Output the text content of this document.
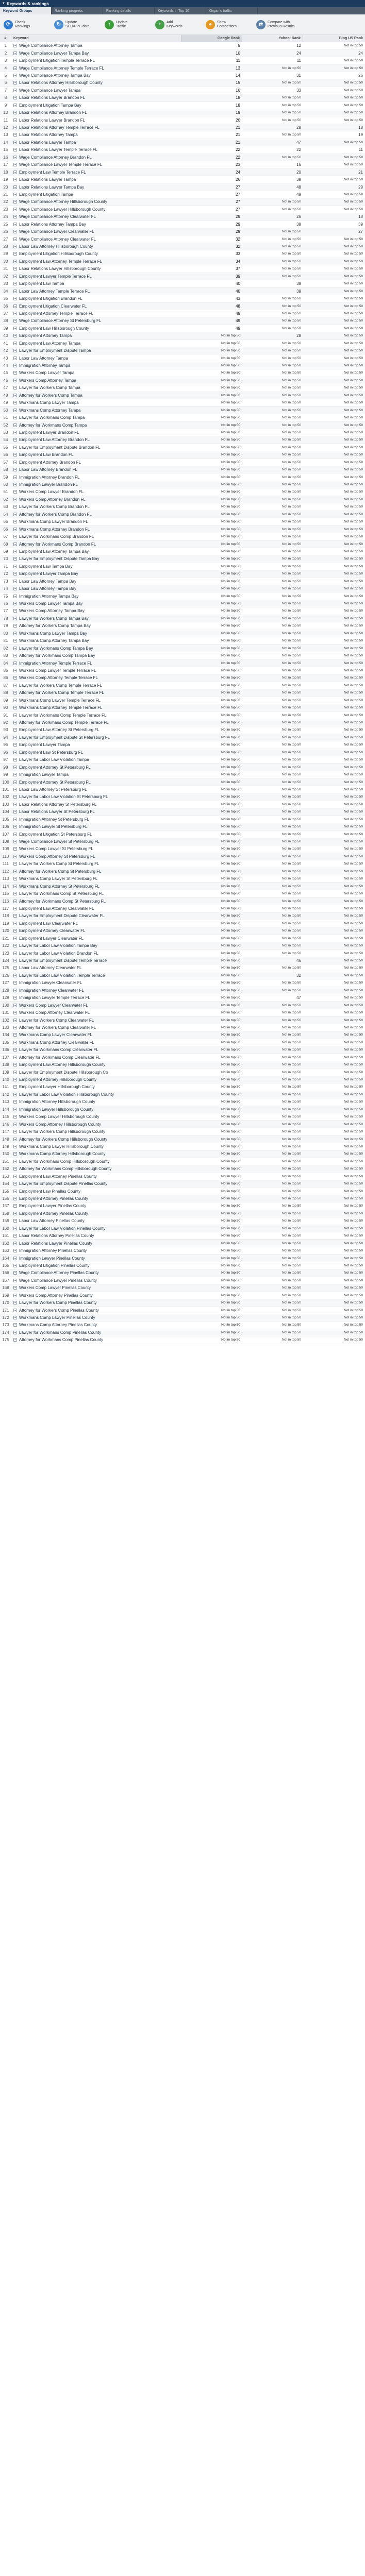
▼ Keywords & rankings
Keyword Groups	Ranking progress	Ranking details	Keywords in Top 10	Organic traffic
⟳	Check
Rankings	↻	Update
SEO/PPC data	↑	Update
Traffic	+	Add
Keywords	●	Show
Competitors	⇄	Compare with
Previous Results
#	Keyword	Google Rank	Yahoo! Rank	Bing US Rank
1	Wage Compliance Attorney Tampa	5	12	Not in top 50
2	Wage Compliance Lawyer Tampa Bay	10	24	24
3	Employment Litigation Temple Terrace FL	11	11	Not in top 50
4	Wage Compliance Attorney Temple Terrace FL	13	Not in top 50	Not in top 50
5	Wage Compliance Attorney Tampa Bay	14	31	26
6	Labor Relations Attorney Hillsborough County	15	Not in top 50	Not in top 50
7	Wage Compliance Lawyer Tampa	16	33	Not in top 50
8	Labor Relations Lawyer Brandon FL	18	Not in top 50	Not in top 50
9	Employment Litigation Tampa Bay	18	Not in top 50	Not in top 50
10	Labor Relations Attorney Brandon FL	19	Not in top 50	Not in top 50
11	Labor Relations Lawyer Brandon FL	20	Not in top 50	Not in top 50
12	Labor Relations Attorney Temple Terrace FL	21	28	18
13	Labor Relations Attorney Tampa	21	Not in top 50	19
14	Labor Relations Lawyer Tampa	21	47	Not in top 50
15	Labor Relations Lawyer Temple Terrace FL	22	22	11
16	Wage Compliance Attorney Brandon FL	22	Not in top 50	Not in top 50
17	Wage Compliance Lawyer Temple Terrace FL	23	16	Not in top 50
18	Employment Law Temple Terrace FL	24	20	21
19	Labor Relations Lawyer Tampa	26	39	Not in top 50
20	Labor Relations Lawyer Tampa Bay	27	48	29
21	Employment Litigation Tampa	27	49	Not in top 50
22	Wage Compliance Attorney Hillsborough County	27	Not in top 50	Not in top 50
23	Wage Compliance Lawyer Hillsborough County	27	Not in top 50	Not in top 50
24	Wage Compliance Attorney Clearwater FL	29	26	18
25	Labor Relations Attorney Tampa Bay	29	38	39
26	Wage Compliance Lawyer Clearwater FL	29	Not in top 50	27
27	Wage Compliance Attorney Clearwater FL	32	Not in top 50	Not in top 50
28	Labor Law Attorney Hillsborough County	32	Not in top 50	Not in top 50
29	Employment Litigation Hillsborough County	33	Not in top 50	Not in top 50
30	Employment Law Attorney Temple Terrace FL	34	Not in top 50	Not in top 50
31	Labor Relations Lawyer Hillsborough County	37	Not in top 50	Not in top 50
32	Employment Lawyer Temple Terrace FL	39	Not in top 50	Not in top 50
33	Employment Law Tampa	40	38	Not in top 50
34	Labor Law Attorney Temple Terrace FL	40	39	Not in top 50
35	Employment Litigation Brandon FL	43	Not in top 50	Not in top 50
36	Employment Litigation Clearwater FL	48	Not in top 50	Not in top 50
37	Employment Attorney Temple Terrace FL	49	Not in top 50	Not in top 50
38	Wage Compliance Attorney St Petersburg FL	49	Not in top 50	Not in top 50
39	Employment Law Hillsborough County	49	Not in top 50	Not in top 50
40	Employment Attorney Tampa	Not in top 50	28	Not in top 50
41	Employment Law Attorney Tampa	Not in top 50	Not in top 50	Not in top 50
42	Lawyer for Employment Dispute Tampa	Not in top 50	Not in top 50	Not in top 50
43	Labor Law Attorney Tampa	Not in top 50	Not in top 50	Not in top 50
44	Immigration Attorney Tampa	Not in top 50	Not in top 50	Not in top 50
45	Workers Comp Lawyer Tampa	Not in top 50	Not in top 50	Not in top 50
46	Workers Comp Attorney Tampa	Not in top 50	Not in top 50	Not in top 50
47	Lawyer for Workers Comp Tampa	Not in top 50	Not in top 50	Not in top 50
48	Attorney for Workers Comp Tampa	Not in top 50	Not in top 50	Not in top 50
49	Workmans Comp Lawyer Tampa	Not in top 50	Not in top 50	Not in top 50
50	Workmans Comp Attorney Tampa	Not in top 50	Not in top 50	Not in top 50
51	Lawyer for Workmans Comp Tampa	Not in top 50	Not in top 50	Not in top 50
52	Attorney for Workmans Comp Tampa	Not in top 50	Not in top 50	Not in top 50
53	Employment Lawyer Brandon FL	Not in top 50	Not in top 50	Not in top 50
54	Employment Law Attorney Brandon FL	Not in top 50	Not in top 50	Not in top 50
55	Lawyer for Employment Dispute Brandon FL	Not in top 50	Not in top 50	Not in top 50
56	Employment Law Brandon FL	Not in top 50	Not in top 50	Not in top 50
57	Employment Attorney Brandon FL	Not in top 50	Not in top 50	Not in top 50
58	Labor Law Attorney Brandon FL	Not in top 50	Not in top 50	Not in top 50
59	Immigration Attorney Brandon FL	Not in top 50	Not in top 50	Not in top 50
60	Immigration Lawyer Brandon FL	Not in top 50	Not in top 50	Not in top 50
61	Workers Comp Lawyer Brandon FL	Not in top 50	Not in top 50	Not in top 50
62	Workers Comp Attorney Brandon FL	Not in top 50	Not in top 50	Not in top 50
63	Lawyer for Workers Comp Brandon FL	Not in top 50	Not in top 50	Not in top 50
64	Attorney for Workers Comp Brandon FL	Not in top 50	Not in top 50	Not in top 50
65	Workmans Comp Lawyer Brandon FL	Not in top 50	Not in top 50	Not in top 50
66	Workmans Comp Attorney Brandon FL	Not in top 50	Not in top 50	Not in top 50
67	Lawyer for Workmans Comp Brandon FL	Not in top 50	Not in top 50	Not in top 50
68	Attorney for Workmans Comp Brandon FL	Not in top 50	Not in top 50	Not in top 50
69	Employment Law Attorney Tampa Bay	Not in top 50	Not in top 50	Not in top 50
70	Lawyer for Employment Dispute Tampa Bay	Not in top 50	Not in top 50	Not in top 50
71	Employment Law Tampa Bay	Not in top 50	Not in top 50	Not in top 50
72	Employment Lawyer Tampa Bay	Not in top 50	Not in top 50	Not in top 50
73	Labor Law Attorney Tampa Bay	Not in top 50	Not in top 50	Not in top 50
74	Labor Law Attorney Tampa Bay	Not in top 50	Not in top 50	Not in top 50
75	Immigration Attorney Tampa Bay	Not in top 50	Not in top 50	Not in top 50
76	Workers Comp Lawyer Tampa Bay	Not in top 50	Not in top 50	Not in top 50
77	Workers Comp Attorney Tampa Bay	Not in top 50	Not in top 50	Not in top 50
78	Lawyer for Workers Comp Tampa Bay	Not in top 50	Not in top 50	Not in top 50
79	Attorney for Workers Comp Tampa Bay	Not in top 50	Not in top 50	Not in top 50
80	Workmans Comp Lawyer Tampa Bay	Not in top 50	Not in top 50	Not in top 50
81	Workmans Comp Attorney Tampa Bay	Not in top 50	Not in top 50	Not in top 50
82	Lawyer for Workmans Comp Tampa Bay	Not in top 50	Not in top 50	Not in top 50
83	Attorney for Workmans Comp Tampa Bay	Not in top 50	Not in top 50	Not in top 50
84	Immigration Attorney Temple Terrace FL	Not in top 50	Not in top 50	Not in top 50
85	Workers Comp Lawyer Temple Terrace FL	Not in top 50	Not in top 50	Not in top 50
86	Workers Comp Attorney Temple Terrace FL	Not in top 50	Not in top 50	Not in top 50
87	Lawyer for Workers Comp Temple Terrace FL	Not in top 50	Not in top 50	Not in top 50
88	Attorney for Workers Comp Temple Terrace FL	Not in top 50	Not in top 50	Not in top 50
89	Workmans Comp Lawyer Temple Terrace FL	Not in top 50	Not in top 50	Not in top 50
90	Workmans Comp Attorney Temple Terrace FL	Not in top 50	Not in top 50	Not in top 50
91	Lawyer for Workmans Comp Temple Terrace FL	Not in top 50	Not in top 50	Not in top 50
92	Attorney for Workmans Comp Temple Terrace FL	Not in top 50	Not in top 50	Not in top 50
93	Employment Law Attorney St Petersburg FL	Not in top 50	Not in top 50	Not in top 50
94	Lawyer for Employment Dispute St Petersburg FL	Not in top 50	Not in top 50	Not in top 50
95	Employment Lawyer Tampa	Not in top 50	Not in top 50	Not in top 50
96	Employment Law St Petersburg FL	Not in top 50	Not in top 50	Not in top 50
97	Lawyer for Labor Law Violation Tampa	Not in top 50	Not in top 50	Not in top 50
98	Employment Attorney St Petersburg FL	Not in top 50	Not in top 50	Not in top 50
99	Immigration Lawyer Tampa	Not in top 50	Not in top 50	Not in top 50
100	Employment Attorney St Petersburg FL	Not in top 50	Not in top 50	Not in top 50
101	Labor Law Attorney St Petersburg FL	Not in top 50	Not in top 50	Not in top 50
102	Lawyer for Labor Law Violation St Petersburg FL	Not in top 50	Not in top 50	Not in top 50
103	Labor Relations Attorney St Petersburg FL	Not in top 50	Not in top 50	Not in top 50
104	Labor Relations Lawyer St Petersburg FL	Not in top 50	Not in top 50	Not in top 50
105	Immigration Attorney St Petersburg FL	Not in top 50	Not in top 50	Not in top 50
106	Immigration Lawyer St Petersburg FL	Not in top 50	Not in top 50	Not in top 50
107	Employment Litigation St Petersburg FL	Not in top 50	Not in top 50	Not in top 50
108	Wage Compliance Lawyer St Petersburg FL	Not in top 50	Not in top 50	Not in top 50
109	Workers Comp Lawyer St Petersburg FL	Not in top 50	Not in top 50	Not in top 50
110	Workers Comp Attorney St Petersburg FL	Not in top 50	Not in top 50	Not in top 50
111	Lawyer for Workers Comp St Petersburg FL	Not in top 50	Not in top 50	Not in top 50
112	Attorney for Workers Comp St Petersburg FL	Not in top 50	Not in top 50	Not in top 50
113	Workmans Comp Lawyer St Petersburg FL	Not in top 50	Not in top 50	Not in top 50
114	Workmans Comp Attorney St Petersburg FL	Not in top 50	Not in top 50	Not in top 50
115	Lawyer for Workmans Comp St Petersburg FL	Not in top 50	Not in top 50	Not in top 50
116	Attorney for Workmans Comp St Petersburg FL	Not in top 50	Not in top 50	Not in top 50
117	Employment Law Attorney Clearwater FL	Not in top 50	Not in top 50	Not in top 50
118	Lawyer for Employment Dispute Clearwater FL	Not in top 50	Not in top 50	Not in top 50
119	Employment Law Clearwater FL	Not in top 50	Not in top 50	Not in top 50
120	Employment Attorney Clearwater FL	Not in top 50	Not in top 50	Not in top 50
121	Employment Lawyer Clearwater FL	Not in top 50	Not in top 50	Not in top 50
122	Lawyer for Labor Law Violation Tampa Bay	Not in top 50	Not in top 50	Not in top 50
123	Lawyer for Labor Law Violation Brandon FL	Not in top 50	Not in top 50	Not in top 50
124	Lawyer for Employment Dispute Temple Terrace	Not in top 50	46	Not in top 50
125	Labor Law Attorney Clearwater FL	Not in top 50	Not in top 50	Not in top 50
126	Lawyer for Labor Law Violation Temple Terrace	Not in top 50	32	Not in top 50
127	Immigration Lawyer Clearwater FL	Not in top 50	Not in top 50	Not in top 50
128	Immigration Attorney Clearwater FL	Not in top 50	Not in top 50	Not in top 50
129	Immigration Lawyer Temple Terrace FL	Not in top 50	47	Not in top 50
130	Workers Comp Lawyer Clearwater FL	Not in top 50	Not in top 50	Not in top 50
131	Workers Comp Attorney Clearwater FL	Not in top 50	Not in top 50	Not in top 50
132	Lawyer for Workers Comp Clearwater FL	Not in top 50	Not in top 50	Not in top 50
133	Attorney for Workers Comp Clearwater FL	Not in top 50	Not in top 50	Not in top 50
134	Workmans Comp Lawyer Clearwater FL	Not in top 50	Not in top 50	Not in top 50
135	Workmans Comp Attorney Clearwater FL	Not in top 50	Not in top 50	Not in top 50
136	Lawyer for Workmans Comp Clearwater FL	Not in top 50	Not in top 50	Not in top 50
137	Attorney for Workmans Comp Clearwater FL	Not in top 50	Not in top 50	Not in top 50
138	Employment Law Attorney Hillsborough County	Not in top 50	Not in top 50	Not in top 50
139	Lawyer for Employment Dispute Hillsborough Co	Not in top 50	Not in top 50	Not in top 50
140	Employment Attorney Hillsborough County	Not in top 50	Not in top 50	Not in top 50
141	Employment Lawyer Hillsborough County	Not in top 50	Not in top 50	Not in top 50
142	Lawyer for Labor Law Violation Hillsborough County	Not in top 50	Not in top 50	Not in top 50
143	Immigration Attorney Hillsborough County	Not in top 50	Not in top 50	Not in top 50
144	Immigration Lawyer Hillsborough County	Not in top 50	Not in top 50	Not in top 50
145	Workers Comp Lawyer Hillsborough County	Not in top 50	Not in top 50	Not in top 50
146	Workers Comp Attorney Hillsborough County	Not in top 50	Not in top 50	Not in top 50
147	Lawyer for Workers Comp Hillsborough County	Not in top 50	Not in top 50	Not in top 50
148	Attorney for Workers Comp Hillsborough County	Not in top 50	Not in top 50	Not in top 50
149	Workmans Comp Lawyer Hillsborough County	Not in top 50	Not in top 50	Not in top 50
150	Workmans Comp Attorney Hillsborough County	Not in top 50	Not in top 50	Not in top 50
151	Lawyer for Workmans Comp Hillsborough County	Not in top 50	Not in top 50	Not in top 50
152	Attorney for Workmans Comp Hillsborough County	Not in top 50	Not in top 50	Not in top 50
153	Employment Law Attorney Pinellas County	Not in top 50	Not in top 50	Not in top 50
154	Lawyer for Employment Dispute Pinellas County	Not in top 50	Not in top 50	Not in top 50
155	Employment Law Pinellas County	Not in top 50	Not in top 50	Not in top 50
156	Employment Attorney Pinellas County	Not in top 50	Not in top 50	Not in top 50
157	Employment Lawyer Pinellas County	Not in top 50	Not in top 50	Not in top 50
158	Employment Attorney Pinellas County	Not in top 50	Not in top 50	Not in top 50
159	Labor Law Attorney Pinellas County	Not in top 50	Not in top 50	Not in top 50
160	Lawyer for Labor Law Violation Pinellas County	Not in top 50	Not in top 50	Not in top 50
161	Labor Relations Attorney Pinellas County	Not in top 50	Not in top 50	Not in top 50
162	Labor Relations Lawyer Pinellas County	Not in top 50	Not in top 50	Not in top 50
163	Immigration Attorney Pinellas County	Not in top 50	Not in top 50	Not in top 50
164	Immigration Lawyer Pinellas County	Not in top 50	Not in top 50	Not in top 50
165	Employment Litigation Pinellas County	Not in top 50	Not in top 50	Not in top 50
166	Wage Compliance Attorney Pinellas County	Not in top 50	Not in top 50	Not in top 50
167	Wage Compliance Lawyer Pinellas County	Not in top 50	Not in top 50	Not in top 50
168	Workers Comp Lawyer Pinellas County	Not in top 50	Not in top 50	Not in top 50
169	Workers Comp Attorney Pinellas County	Not in top 50	Not in top 50	Not in top 50
170	Lawyer for Workers Comp Pinellas County	Not in top 50	Not in top 50	Not in top 50
171	Attorney for Workers Comp Pinellas County	Not in top 50	Not in top 50	Not in top 50
172	Workmans Comp Lawyer Pinellas County	Not in top 50	Not in top 50	Not in top 50
173	Workmans Comp Attorney Pinellas County	Not in top 50	Not in top 50	Not in top 50
174	Lawyer for Workmans Comp Pinellas County	Not in top 50	Not in top 50	Not in top 50
175	Attorney for Workmans Comp Pinellas County	Not in top 50	Not in top 50	Not in top 50
